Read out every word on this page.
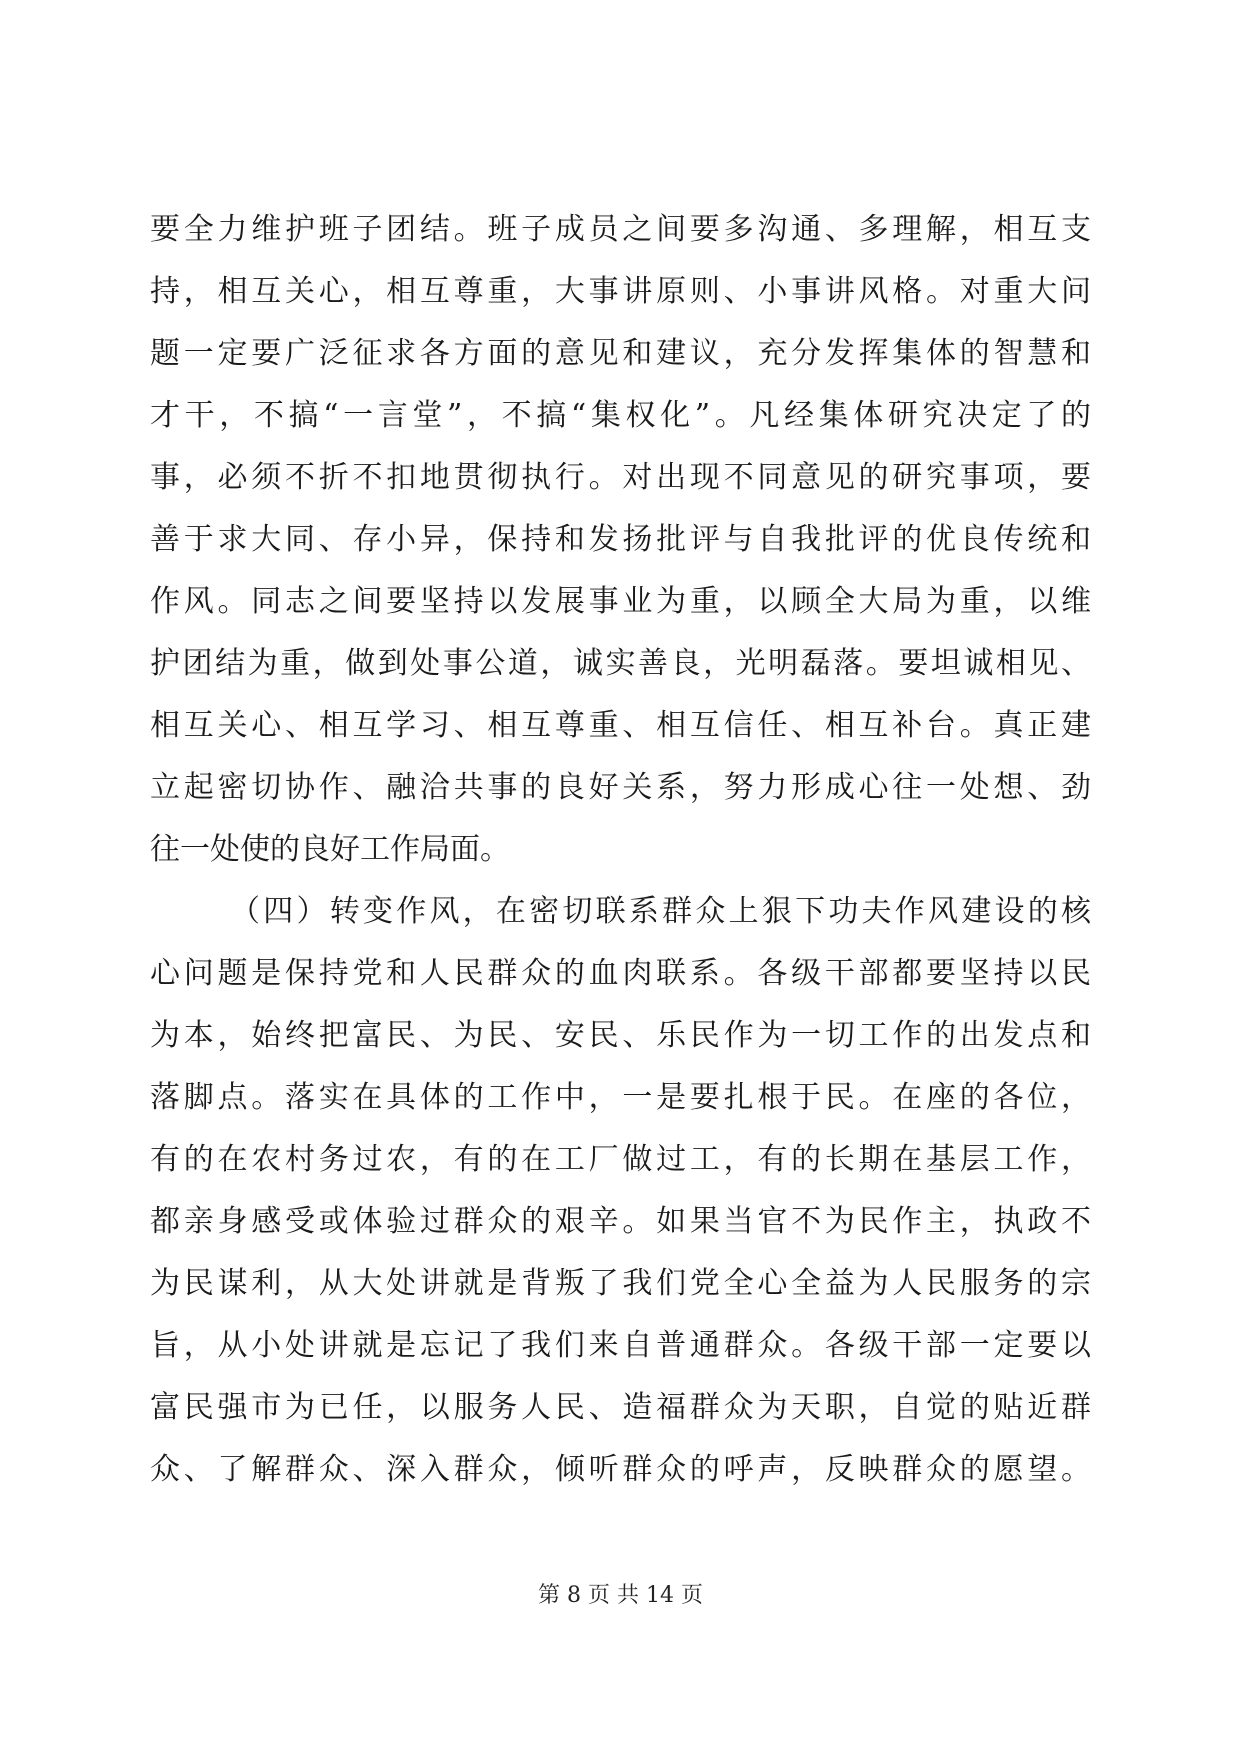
要全力维护班子团结。班子成员之间要多沟通、多理解，相互支
持，相互关心，相互尊重，大事讲原则、小事讲风格。对重大问
题一定要广泛征求各方面的意见和建议，充分发挥集体的智慧和
才干，不搞“一言堂”，不搞“集权化”。凡经集体研究决定了的
事，必须不折不扣地贯彻执行。对出现不同意见的研究事项，要
善于求大同、存小异，保持和发扬批评与自我批评的优良传统和
作风。同志之间要坚持以发展事业为重，以顾全大局为重，以维
护团结为重，做到处事公道，诚实善良，光明磊落。要坦诚相见、
相互关心、相互学习、相互尊重、相互信任、相互补台。真正建
立起密切协作、融洽共事的良好关系，努力形成心往一处想、劲
往一处使的良好工作局面。
（四）转变作风，在密切联系群众上狠下功夫作风建设的核
心问题是保持党和人民群众的血肉联系。各级干部都要坚持以民
为本，始终把富民、为民、安民、乐民作为一切工作的出发点和
落脚点。落实在具体的工作中，一是要扎根于民。在座的各位，
有的在农村务过农，有的在工厂做过工，有的长期在基层工作，
都亲身感受或体验过群众的艰辛。如果当官不为民作主，执政不
为民谋利，从大处讲就是背叛了我们党全心全益为人民服务的宗
旨，从小处讲就是忘记了我们来自普通群众。各级干部一定要以
富民强市为已任，以服务人民、造福群众为天职，自觉的贴近群
众、了解群众、深入群众，倾听群众的呼声，反映群众的愿望。
第 8 页 共 14 页
